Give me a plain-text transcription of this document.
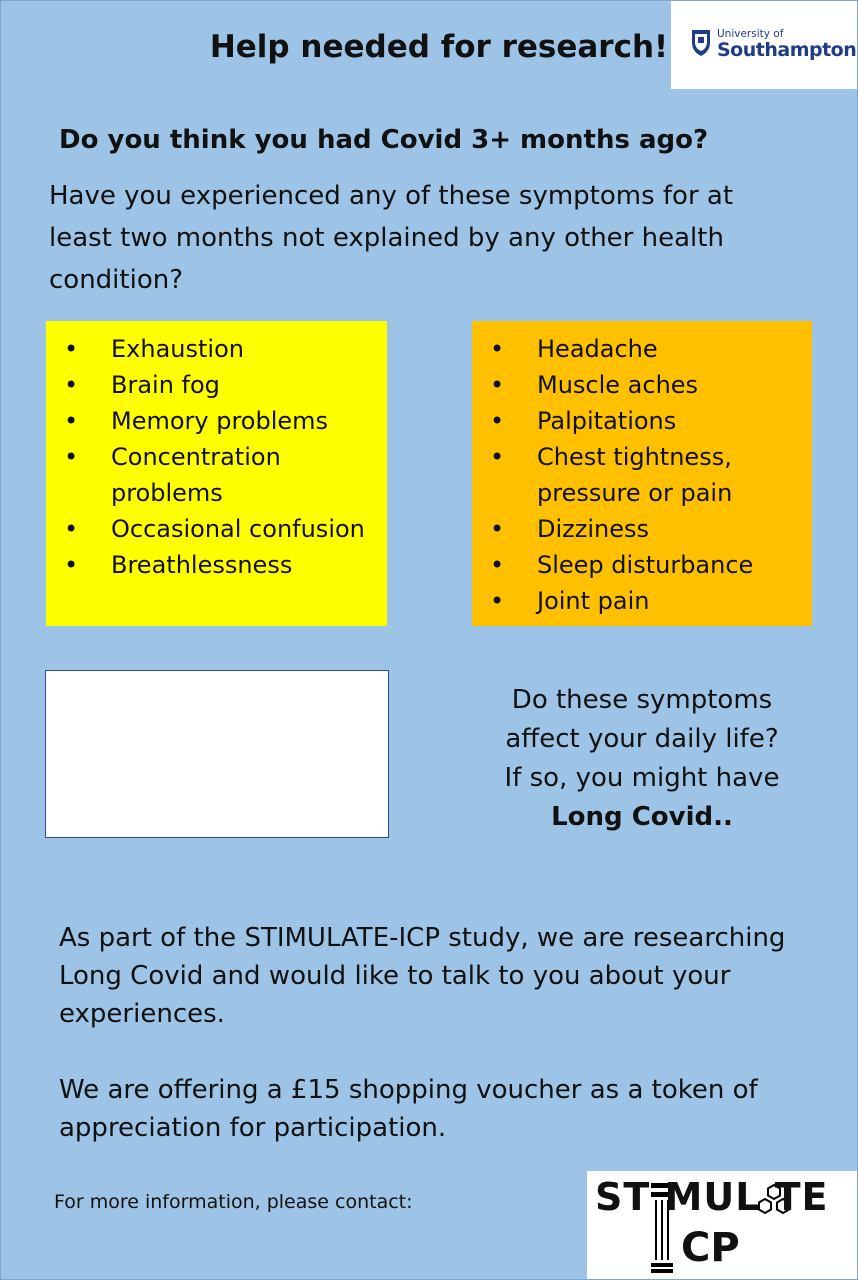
Help needed for research!	University of
Southampton
Do you think you had Covid 3+ months ago?
Have you experienced any of these symptoms for at least two months not explained by any other health condition?
• Exhaustion
• Brain fog
• Memory problems
• Concentration problems
• Occasional confusion
• Breathlessness
• Headache
• Muscle aches
• Palpitations
• Chest tightness, pressure or pain
• Dizziness
• Sleep disturbance
• Joint pain
Do these symptoms affect your daily life?
If so, you might have
Long Covid..
As part of the STIMULATE-ICP study, we are researching Long Covid and would like to talk to you about your experiences.
We are offering a £15 shopping voucher as a token of appreciation for participation.
For more information, please contact:	ST MUL TE
CP
